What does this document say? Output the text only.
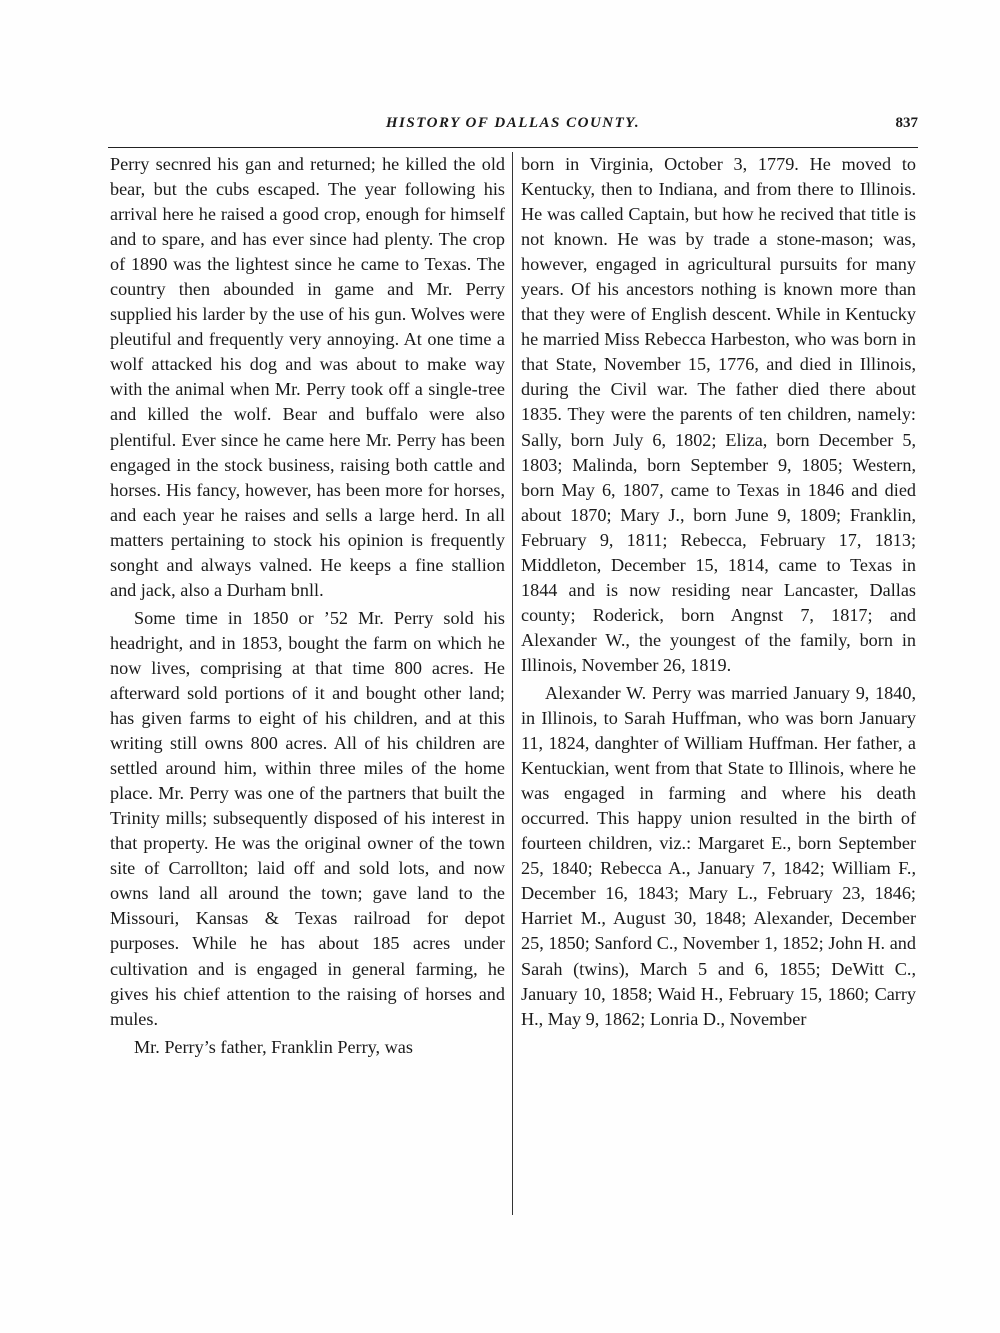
HISTORY OF DALLAS COUNTY.	837

Perry secnred his gan and returned; he killed the old bear, but the cubs escaped. The year following his arrival here he raised a good crop, enough for himself and to spare, and has ever since had plenty. The crop of 1890 was the lightest since he came to Texas. The country then abounded in game and Mr. Perry supplied his larder by the use of his gun. Wolves were pleutiful and frequently very annoying. At one time a wolf attacked his dog and was about to make way with the animal when Mr. Perry took off a single-tree and killed the wolf. Bear and buffalo were also plentiful. Ever since he came here Mr. Perry has been engaged in the stock business, raising both cattle and horses. His fancy, however, has been more for horses, and each year he raises and sells a large herd. In all matters pertaining to stock his opinion is frequently songht and always valned. He keeps a fine stallion and jack, also a Durham bnll.

Some time in 1850 or ’52 Mr. Perry sold his headright, and in 1853, bought the farm on which he now lives, comprising at that time 800 acres. He afterward sold portions of it and bought other land; has given farms to eight of his children, and at this writing still owns 800 acres. All of his children are settled around him, within three miles of the home place. Mr. Perry was one of the partners that built the Trinity mills; subsequently disposed of his interest in that property. He was the original owner of the town site of Carrollton; laid off and sold lots, and now owns land all around the town; gave land to the Missouri, Kansas & Texas railroad for depot purposes. While he has about 185 acres under cultivation and is engaged in general farming, he gives his chief attention to the raising of horses and mules.

Mr. Perry’s father, Franklin Perry, was

born in Virginia, October 3, 1779. He moved to Kentucky, then to Indiana, and from there to Illinois. He was called Captain, but how he recived that title is not known. He was by trade a stone-mason; was, however, engaged in agricultural pursuits for many years. Of his ancestors nothing is known more than that they were of English descent. While in Kentucky he married Miss Rebecca Harbeston, who was born in that State, November 15, 1776, and died in Illinois, during the Civil war. The father died there about 1835. They were the parents of ten children, namely: Sally, born July 6, 1802; Eliza, born December 5, 1803; Malinda, born September 9, 1805; Western, born May 6, 1807, came to Texas in 1846 and died about 1870; Mary J., born June 9, 1809; Franklin, February 9, 1811; Rebecca, February 17, 1813; Middleton, December 15, 1814, came to Texas in 1844 and is now residing near Lancaster, Dallas county; Roderick, born Angnst 7, 1817; and Alexander W., the youngest of the family, born in Illinois, November 26, 1819.

Alexander W. Perry was married January 9, 1840, in Illinois, to Sarah Huffman, who was born January 11, 1824, danghter of William Huffman. Her father, a Kentuckian, went from that State to Illinois, where he was engaged in farming and where his death occurred. This happy union resulted in the birth of fourteen children, viz.: Margaret E., born September 25, 1840; Rebecca A., January 7, 1842; William F., December 16, 1843; Mary L., February 23, 1846; Harriet M., August 30, 1848; Alexander, December 25, 1850; Sanford C., November 1, 1852; John H. and Sarah (twins), March 5 and 6, 1855; DeWitt C., January 10, 1858; Waid H., February 15, 1860; Carry H., May 9, 1862; Lonria D., November
